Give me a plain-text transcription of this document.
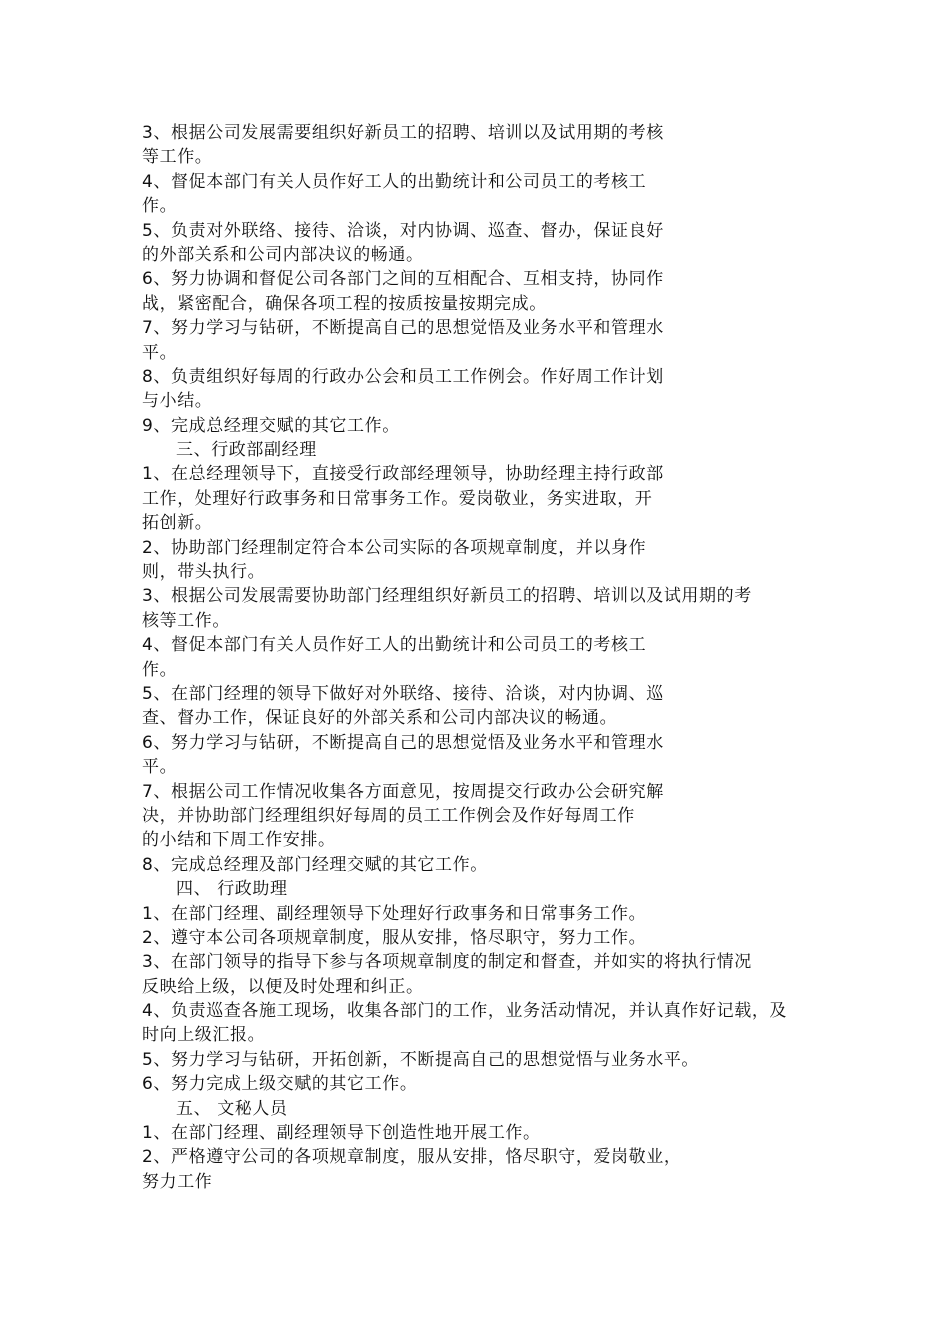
3、根据公司发展需要组织好新员工的招聘、培训以及试用期的考核
等工作。
4、督促本部门有关人员作好工人的出勤统计和公司员工的考核工
作。
5、负责对外联络、接待、洽谈，对内协调、巡查、督办，保证良好
的外部关系和公司内部决议的畅通。
6、努力协调和督促公司各部门之间的互相配合、互相支持，协同作
战，紧密配合，确保各项工程的按质按量按期完成。
7、努力学习与钻研，不断提高自己的思想觉悟及业务水平和管理水
平。
8、负责组织好每周的行政办公会和员工工作例会。作好周工作计划
与小结。
9、完成总经理交赋的其它工作。
三、行政部副经理
1、在总经理领导下，直接受行政部经理领导，协助经理主持行政部
工作，处理好行政事务和日常事务工作。爱岗敬业，务实进取，开
拓创新。
2、协助部门经理制定符合本公司实际的各项规章制度，并以身作
则，带头执行。
3、根据公司发展需要协助部门经理组织好新员工的招聘、培训以及试用期的考
核等工作。
4、督促本部门有关人员作好工人的出勤统计和公司员工的考核工
作。
5、在部门经理的领导下做好对外联络、接待、洽谈，对内协调、巡
查、督办工作，保证良好的外部关系和公司内部决议的畅通。
6、努力学习与钻研，不断提高自己的思想觉悟及业务水平和管理水
平。
7、根据公司工作情况收集各方面意见，按周提交行政办公会研究解
决，并协助部门经理组织好每周的员工工作例会及作好每周工作
的小结和下周工作安排。
8、完成总经理及部门经理交赋的其它工作。
四、 行政助理
1、在部门经理、副经理领导下处理好行政事务和日常事务工作。
2、遵守本公司各项规章制度，服从安排，恪尽职守，努力工作。
3、在部门领导的指导下参与各项规章制度的制定和督查，并如实的将执行情况
反映给上级，以便及时处理和纠正。
4、负责巡查各施工现场，收集各部门的工作，业务活动情况，并认真作好记载，及
时向上级汇报。
5、努力学习与钻研，开拓创新，不断提高自己的思想觉悟与业务水平。
6、努力完成上级交赋的其它工作。
五、 文秘人员
1、在部门经理、副经理领导下创造性地开展工作。
2、严格遵守公司的各项规章制度，服从安排，恪尽职守，爱岗敬业，
努力工作
